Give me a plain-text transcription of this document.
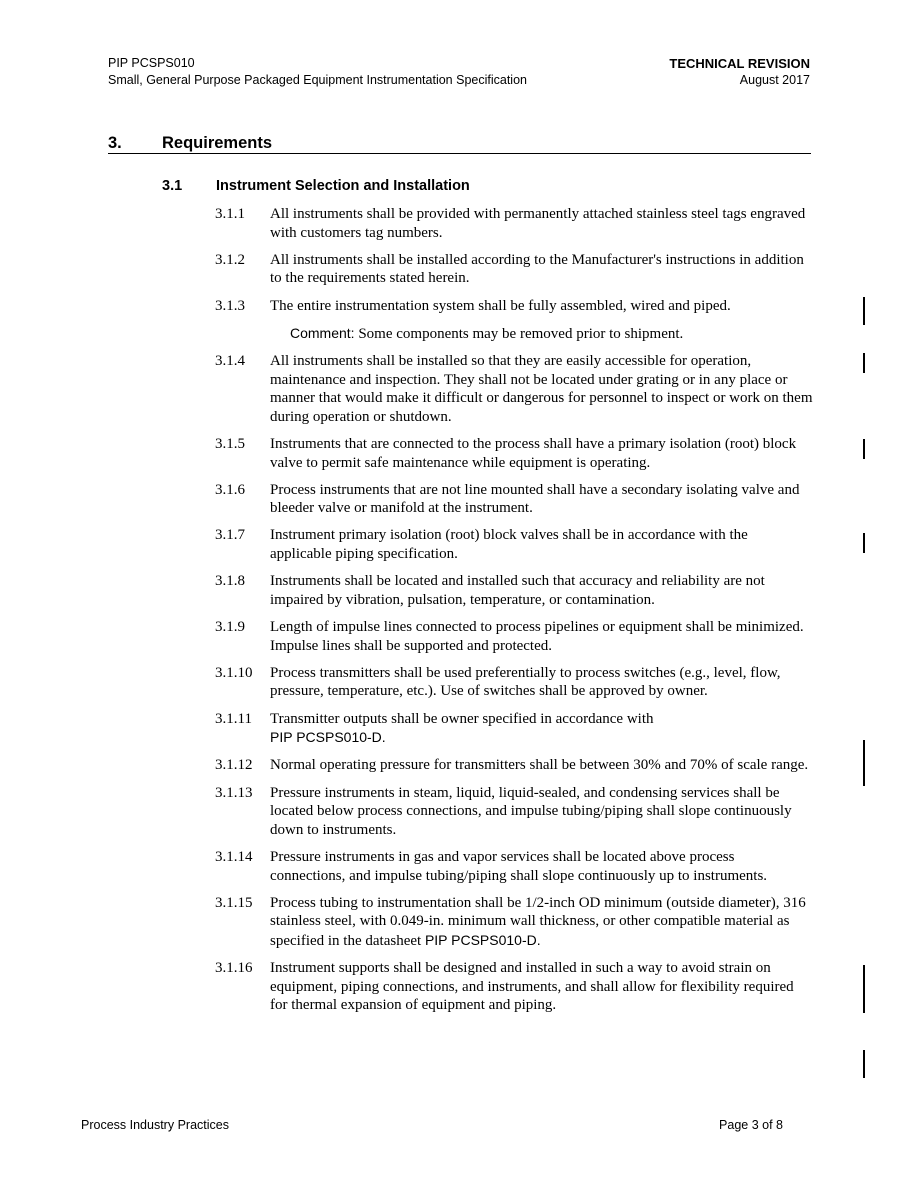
PIP PCSPS010
Small, General Purpose Packaged Equipment Instrumentation Specification
TECHNICAL REVISION
August 2017
3. Requirements
3.1 Instrument Selection and Installation
3.1.1 All instruments shall be provided with permanently attached stainless steel tags engraved with customers tag numbers.
3.1.2 All instruments shall be installed according to the Manufacturer's instructions in addition to the requirements stated herein.
3.1.3 The entire instrumentation system shall be fully assembled, wired and piped.
Comment: Some components may be removed prior to shipment.
3.1.4 All instruments shall be installed so that they are easily accessible for operation, maintenance and inspection. They shall not be located under grating or in any place or manner that would make it difficult or dangerous for personnel to inspect or work on them during operation or shutdown.
3.1.5 Instruments that are connected to the process shall have a primary isolation (root) block valve to permit safe maintenance while equipment is operating.
3.1.6 Process instruments that are not line mounted shall have a secondary isolating valve and bleeder valve or manifold at the instrument.
3.1.7 Instrument primary isolation (root) block valves shall be in accordance with the applicable piping specification.
3.1.8 Instruments shall be located and installed such that accuracy and reliability are not impaired by vibration, pulsation, temperature, or contamination.
3.1.9 Length of impulse lines connected to process pipelines or equipment shall be minimized. Impulse lines shall be supported and protected.
3.1.10 Process transmitters shall be used preferentially to process switches (e.g., level, flow, pressure, temperature, etc.). Use of switches shall be approved by owner.
3.1.11 Transmitter outputs shall be owner specified in accordance with
PIP PCSPS010-D.
3.1.12 Normal operating pressure for transmitters shall be between 30% and 70% of scale range.
3.1.13 Pressure instruments in steam, liquid, liquid-sealed, and condensing services shall be located below process connections, and impulse tubing/piping shall slope continuously down to instruments.
3.1.14 Pressure instruments in gas and vapor services shall be located above process connections, and impulse tubing/piping shall slope continuously up to instruments.
3.1.15 Process tubing to instrumentation shall be 1/2-inch OD minimum (outside diameter), 316 stainless steel, with 0.049-in. minimum wall thickness, or other compatible material as specified in the datasheet PIP PCSPS010-D.
3.1.16 Instrument supports shall be designed and installed in such a way to avoid strain on equipment, piping connections, and instruments, and shall allow for flexibility required for thermal expansion of equipment and piping.
Process Industry Practices	Page 3 of 8
